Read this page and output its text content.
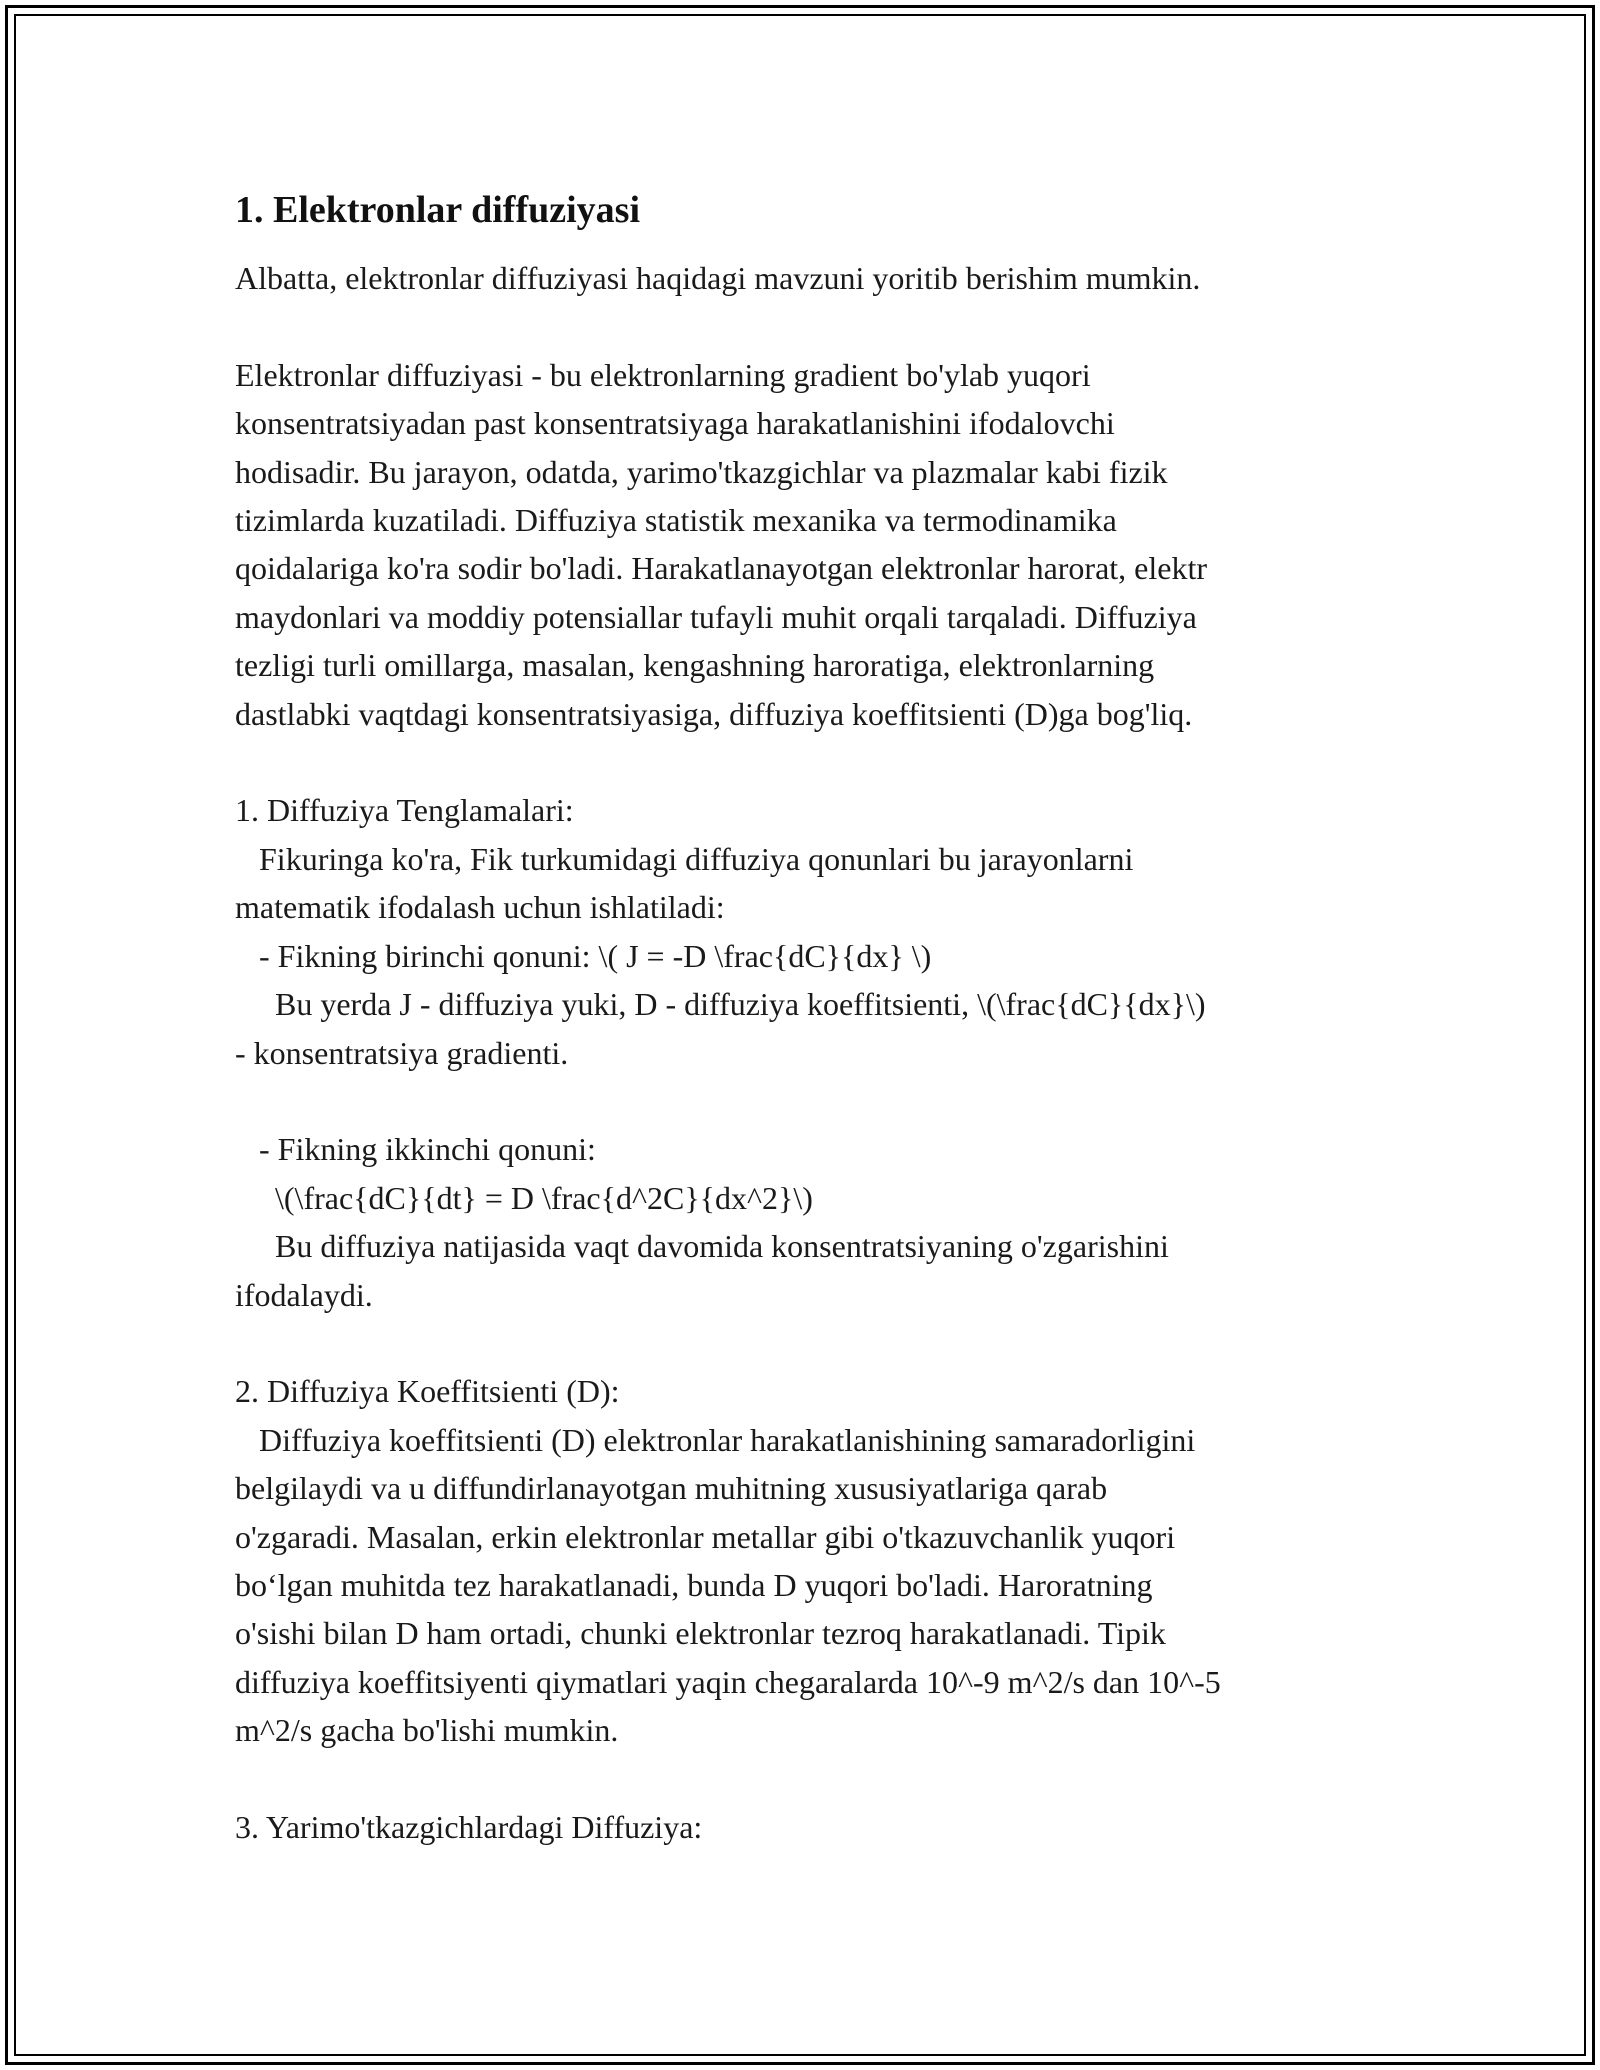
1. Elektronlar diffuziyasi

Albatta, elektronlar diffuziyasi haqidagi mavzuni yoritib berishim mumkin.

Elektronlar diffuziyasi - bu elektronlarning gradient bo'ylab yuqori
konsentratsiyadan past konsentratsiyaga harakatlanishini ifodalovchi
hodisadir. Bu jarayon, odatda, yarimo'tkazgichlar va plazmalar kabi fizik
tizimlarda kuzatiladi. Diffuziya statistik mexanika va termodinamika
qoidalariga ko'ra sodir bo'ladi. Harakatlanayotgan elektronlar harorat, elektr
maydonlari va moddiy potensiallar tufayli muhit orqali tarqaladi. Diffuziya
tezligi turli omillarga, masalan, kengashning haroratiga, elektronlarning
dastlabki vaqtdagi konsentratsiyasiga, diffuziya koeffitsienti (D)ga bog'liq.

1. Diffuziya Tenglamalari:
Fikuringa ko'ra, Fik turkumidagi diffuziya qonunlari bu jarayonlarni
matematik ifodalash uchun ishlatiladi:
- Fikning birinchi qonuni: \( J = -D \frac{dC}{dx} \)
Bu yerda J - diffuziya yuki, D - diffuziya koeffitsienti, \(\frac{dC}{dx}\)
- konsentratsiya gradienti.

- Fikning ikkinchi qonuni:
\(\frac{dC}{dt} = D \frac{d^2C}{dx^2}\)
Bu diffuziya natijasida vaqt davomida konsentratsiyaning o'zgarishini
ifodalaydi.

2. Diffuziya Koeffitsienti (D):
Diffuziya koeffitsienti (D) elektronlar harakatlanishining samaradorligini
belgilaydi va u diffundirlanayotgan muhitning xususiyatlariga qarab
o'zgaradi. Masalan, erkin elektronlar metallar gibi o'tkazuvchanlik yuqori
bo‘lgan muhitda tez harakatlanadi, bunda D yuqori bo'ladi. Haroratning
o'sishi bilan D ham ortadi, chunki elektronlar tezroq harakatlanadi. Tipik
diffuziya koeffitsiyenti qiymatlari yaqin chegaralarda 10^-9 m^2/s dan 10^-5
m^2/s gacha bo'lishi mumkin.

3. Yarimo'tkazgichlardagi Diffuziya:
